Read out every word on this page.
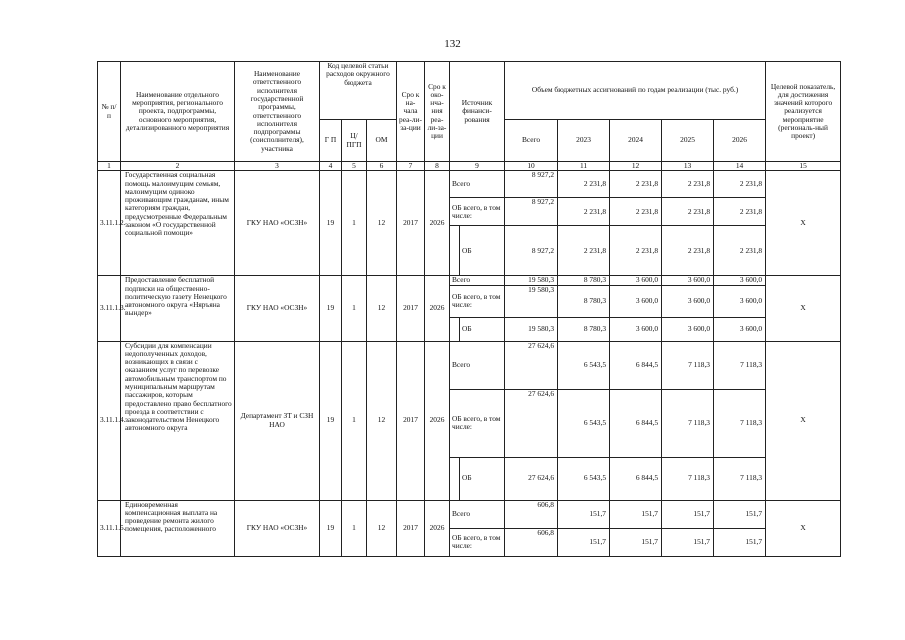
132
№ п/п	Наименование отдельного мероприятия, регионального проекта, подпрограммы, основного мероприятия, детализированного мероприятия	Наименование ответственного исполнителя государственной программы, ответственного исполнителя подпрограммы (соисполнителя), участника	Код целевой статьи расходов окружного бюджета			Сро к на-чала реа-ли-за-ции	Сро к око-нча-ния реа-ли-за-ции	Источник финанси-рования		Объем бюджетных ассигнований по годам реализации (тыс. руб.)					Целевой показатель, для достижения значений которого реализуется мероприятие (региональ-ный проект)
			Г П	Ц/ ПГП	ОМ					Всего	2023	2024	2025	2026	
1	2	3	4	5	6	7	8	9		10	11	12	13	14	15
3.11.1.2.	Государственная социальная помощь малоимущим семьям, малоимущим одиноко проживающим гражданам, иным категориям граждан, предусмотренные Федеральным законом «О государственной социальной помощи»	ГКУ НАО «ОСЗН»	19	1	12	2017	2026	Всего		8 927,2	2 231,8	2 231,8	2 231,8	2 231,8	X
								ОБ всего, в том числе:		8 927,2	2 231,8	2 231,8	2 231,8	2 231,8	
									ОБ	8 927,2	2 231,8	2 231,8	2 231,8	2 231,8	
3.11.1.3.	Предоставление бесплатной подписки на общественно-политическую газету Ненецкого автономного округа «Няръяна вындер»	ГКУ НАО «ОСЗН»	19	1	12	2017	2026	Всего		19 580,3	8 780,3	3 600,0	3 600,0	3 600,0	X
								ОБ всего, в том числе:		19 580,3	8 780,3	3 600,0	3 600,0	3 600,0	
									ОБ	19 580,3	8 780,3	3 600,0	3 600,0	3 600,0	
3.11.1.4.	Субсидии для компенсации недополученных доходов, возникающих в связи с оказанием услуг по перевозке автомобильным транспортом по муниципальным маршрутам пассажиров, которым предоставлено право бесплатного проезда в соответствии с законодательством Ненецкого автономного округа	Департамент ЗТ и СЗН НАО	19	1	12	2017	2026	Всего		27 624,6	6 543,5	6 844,5	7 118,3	7 118,3	X
								ОБ всего, в том числе:		27 624,6	6 543,5	6 844,5	7 118,3	7 118,3	
									ОБ	27 624,6	6 543,5	6 844,5	7 118,3	7 118,3	
3.11.1.5.	Единовременная компенсационная выплата на проведение ремонта жилого помещения, расположенного	ГКУ НАО «ОСЗН»	19	1	12	2017	2026	Всего		606,8	151,7	151,7	151,7	151,7	X
								ОБ всего, в том числе:		606,8	151,7	151,7	151,7	151,7	
